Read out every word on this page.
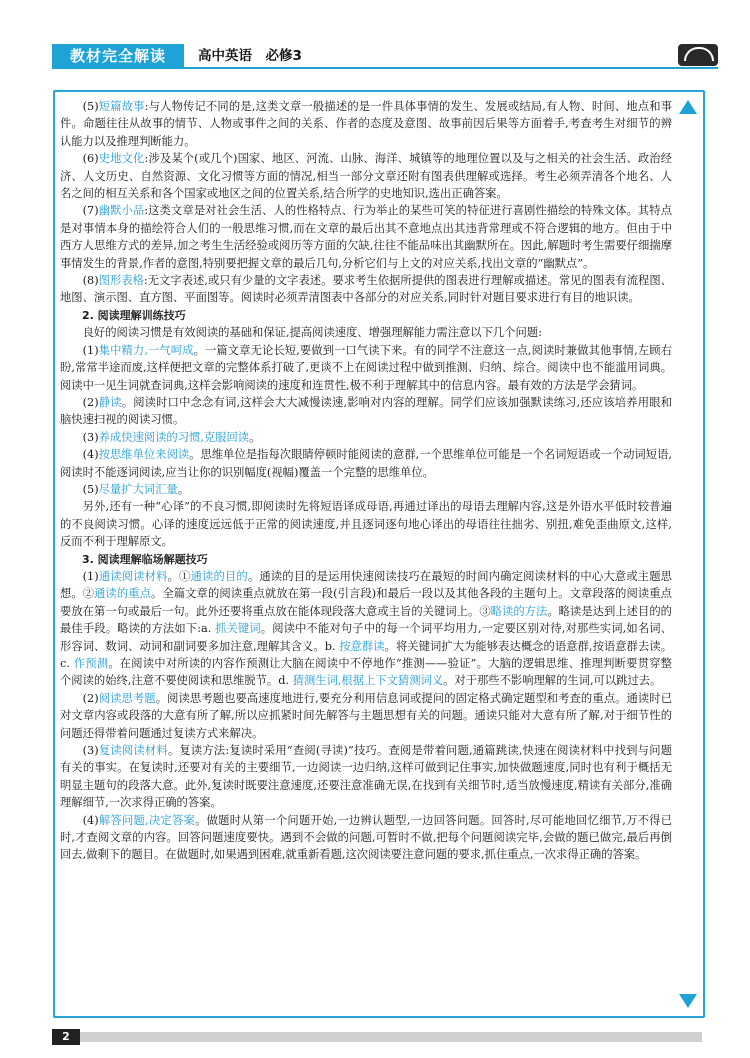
教材完全解读	高中英语　必修3

(5)短篇故事:与人物传记不同的是,这类文章一般描述的是一件具体事情的发生、发展或结局,有人物、时间、地点和事件。命题往往从故事的情节、人物或事件之间的关系、作者的态度及意图、故事前因后果等方面着手,考查考生对细节的辨认能力以及推理判断能力。

(6)史地文化:涉及某个(或几个)国家、地区、河流、山脉、海洋、城镇等的地理位置以及与之相关的社会生活、政治经济、人文历史、自然资源、文化习惯等方面的情况,相当一部分文章还附有图表供理解或选择。考生必须弄清各个地名、人名之间的相互关系和各个国家或地区之间的位置关系,结合所学的史地知识,选出正确答案。

(7)幽默小品:这类文章是对社会生活、人的性格特点、行为举止的某些可笑的特征进行喜剧性描绘的特殊文体。其特点是对事情本身的描绘符合人们的一般思维习惯,而在文章的最后出其不意地点出其违背常理或不符合逻辑的地方。但由于中西方人思维方式的差异,加之考生生活经验或阅历等方面的欠缺,往往不能品味出其幽默所在。因此,解题时考生需要仔细揣摩事情发生的背景,作者的意图,特别要把握文章的最后几句,分析它们与上文的对应关系,找出文章的“幽默点”。

(8)图形表格:无文字表述,或只有少量的文字表述。要求考生依据所提供的图表进行理解或描述。常见的图表有流程图、地图、演示图、直方图、平面图等。阅读时必须弄清图表中各部分的对应关系,同时针对题目要求进行有目的地识读。

2. 阅读理解训练技巧

良好的阅读习惯是有效阅读的基础和保证,提高阅读速度、增强理解能力需注意以下几个问题:

(1)集中精力,一气呵成。一篇文章无论长短,要做到一口气读下来。有的同学不注意这一点,阅读时兼做其他事情,左顾右盼,常常半途而废,这样便把文章的完整体系打破了,更谈不上在阅读过程中做到推测、归纳、综合。阅读中也不能滥用词典。阅读中一见生词就查词典,这样会影响阅读的速度和连贯性,极不利于理解其中的信息内容。最有效的方法是学会猜词。

(2)静读。阅读时口中念念有词,这样会大大减慢读速,影响对内容的理解。同学们应该加强默读练习,还应该培养用眼和脑快速扫视的阅读习惯。

(3)养成快速阅读的习惯,克服回读。

(4)按思维单位来阅读。思维单位是指每次眼睛停顿时能阅读的意群,一个思维单位可能是一个名词短语或一个动词短语,阅读时不能逐词阅读,应当让你的识别幅度(视幅)覆盖一个完整的思维单位。

(5)尽量扩大词汇量。

另外,还有一种“心译”的不良习惯,即阅读时先将短语译成母语,再通过译出的母语去理解内容,这是外语水平低时较普遍的不良阅读习惯。心译的速度远远低于正常的阅读速度,并且逐词逐句地心译出的母语往往拙劣、别扭,难免歪曲原文,这样,反而不利于理解原文。

3. 阅读理解临场解题技巧

(1)通读阅读材料。①通读的目的。通读的目的是运用快速阅读技巧在最短的时间内确定阅读材料的中心大意或主题思想。②通读的重点。全篇文章的阅读重点就放在第一段(引言段)和最后一段以及其他各段的主题句上。文章段落的阅读重点要放在第一句或最后一句。此外还要将重点放在能体现段落大意或主旨的关键词上。③略读的方法。略读是达到上述目的的最佳手段。略读的方法如下:a. 抓关键词。阅读中不能对句子中的每一个词平均用力,一定要区别对待,对那些实词,如名词、形容词、数词、动词和副词要多加注意,理解其含义。b. 按意群读。将关键词扩大为能够表达概念的语意群,按语意群去读。c. 作预测。在阅读中对所读的内容作预测让大脑在阅读中不停地作“推测——验证”。大脑的逻辑思维、推理判断要贯穿整个阅读的始终,注意不要使阅读和思维脱节。d. 猜测生词,根据上下文猜测词义。对于那些不影响理解的生词,可以跳过去。

(2)阅读思考题。阅读思考题也要高速度地进行,要充分利用信息词或提问的固定格式确定题型和考查的重点。通读时已对文章内容或段落的大意有所了解,所以应抓紧时间先解答与主题思想有关的问题。通读只能对大意有所了解,对于细节性的问题还得带着问题通过复读方式来解决。

(3)复读阅读材料。复读方法:复读时采用“查阅(寻读)”技巧。查阅是带着问题,通篇跳读,快速在阅读材料中找到与问题有关的事实。在复读时,还要对有关的主要细节,一边阅读一边归纳,这样可做到记住事实,加快做题速度,同时也有利于概括无明显主题句的段落大意。此外,复读时既要注意速度,还要注意准确无误,在找到有关细节时,适当放慢速度,精读有关部分,准确理解细节,一次求得正确的答案。

(4)解答问题,决定答案。做题时从第一个问题开始,一边辨认题型,一边回答问题。回答时,尽可能地回忆细节,万不得已时,才查阅文章的内容。回答问题速度要快。遇到不会做的问题,可暂时不做,把每个问题阅读完毕,会做的题已做完,最后再倒回去,做剩下的题目。在做题时,如果遇到困难,就重新看题,这次阅读要注意问题的要求,抓住重点,一次求得正确的答案。

2
